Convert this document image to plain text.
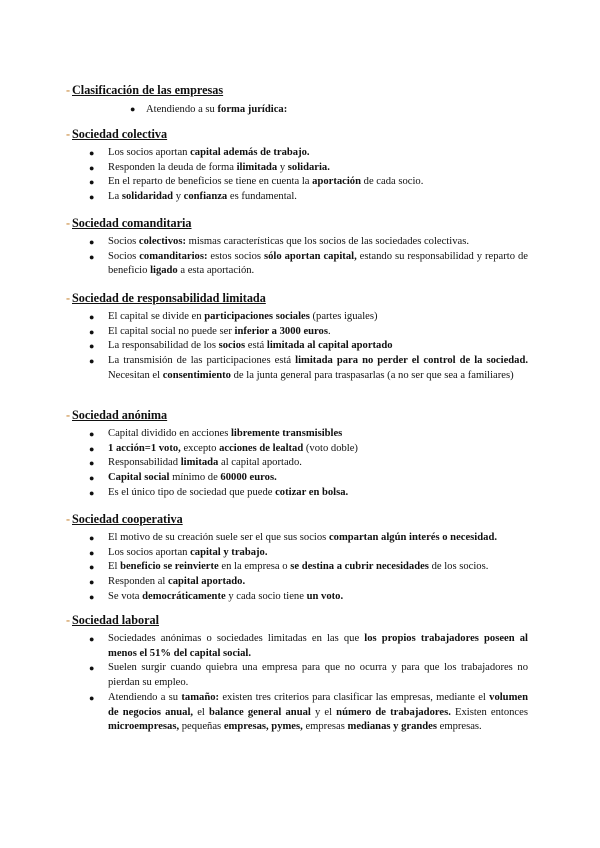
- Clasificación de las empresas
● Atendiendo a su forma jurídica:
- Sociedad colectiva
● Los socios aportan capital además de trabajo.
● Responden la deuda de forma ilimitada y solidaria.
● En el reparto de beneficios se tiene en cuenta la aportación de cada socio.
● La solidaridad y confianza es fundamental.
- Sociedad comanditaria
● Socios colectivos: mismas características que los socios de las sociedades colectivas.
● Socios comanditarios: estos socios sólo aportan capital, estando su responsabilidad y reparto de beneficio ligado a esta aportación.
- Sociedad de responsabilidad limitada
● El capital se divide en participaciones sociales (partes iguales)
● El capital social no puede ser inferior a 3000 euros.
● La responsabilidad de los socios está limitada al capital aportado
● La transmisión de las participaciones está limitada para no perder el control de la sociedad. Necesitan el consentimiento de la junta general para traspasarlas (a no ser que sea a familiares)
- Sociedad anónima
● Capital dividido en acciones libremente transmisibles
● 1 acción=1 voto, excepto acciones de lealtad (voto doble)
● Responsabilidad limitada al capital aportado.
● Capital social mínimo de 60000 euros.
● Es el único tipo de sociedad que puede cotizar en bolsa.
- Sociedad cooperativa
● El motivo de su creación suele ser el que sus socios compartan algún interés o necesidad.
● Los socios aportan capital y trabajo.
● El beneficio se reinvierte en la empresa o se destina a cubrir necesidades de los socios.
● Responden al capital aportado.
● Se vota democráticamente y cada socio tiene un voto.
- Sociedad laboral
● Sociedades anónimas o sociedades limitadas en las que los propios trabajadores poseen al menos el 51% del capital social.
● Suelen surgir cuando quiebra una empresa para que no ocurra y para que los trabajadores no pierdan su empleo.
● Atendiendo a su tamaño: existen tres criterios para clasificar las empresas, mediante el volumen de negocios anual, el balance general anual y el número de trabajadores. Existen entonces microempresas, pequeñas empresas, pymes, empresas medianas y grandes empresas.
